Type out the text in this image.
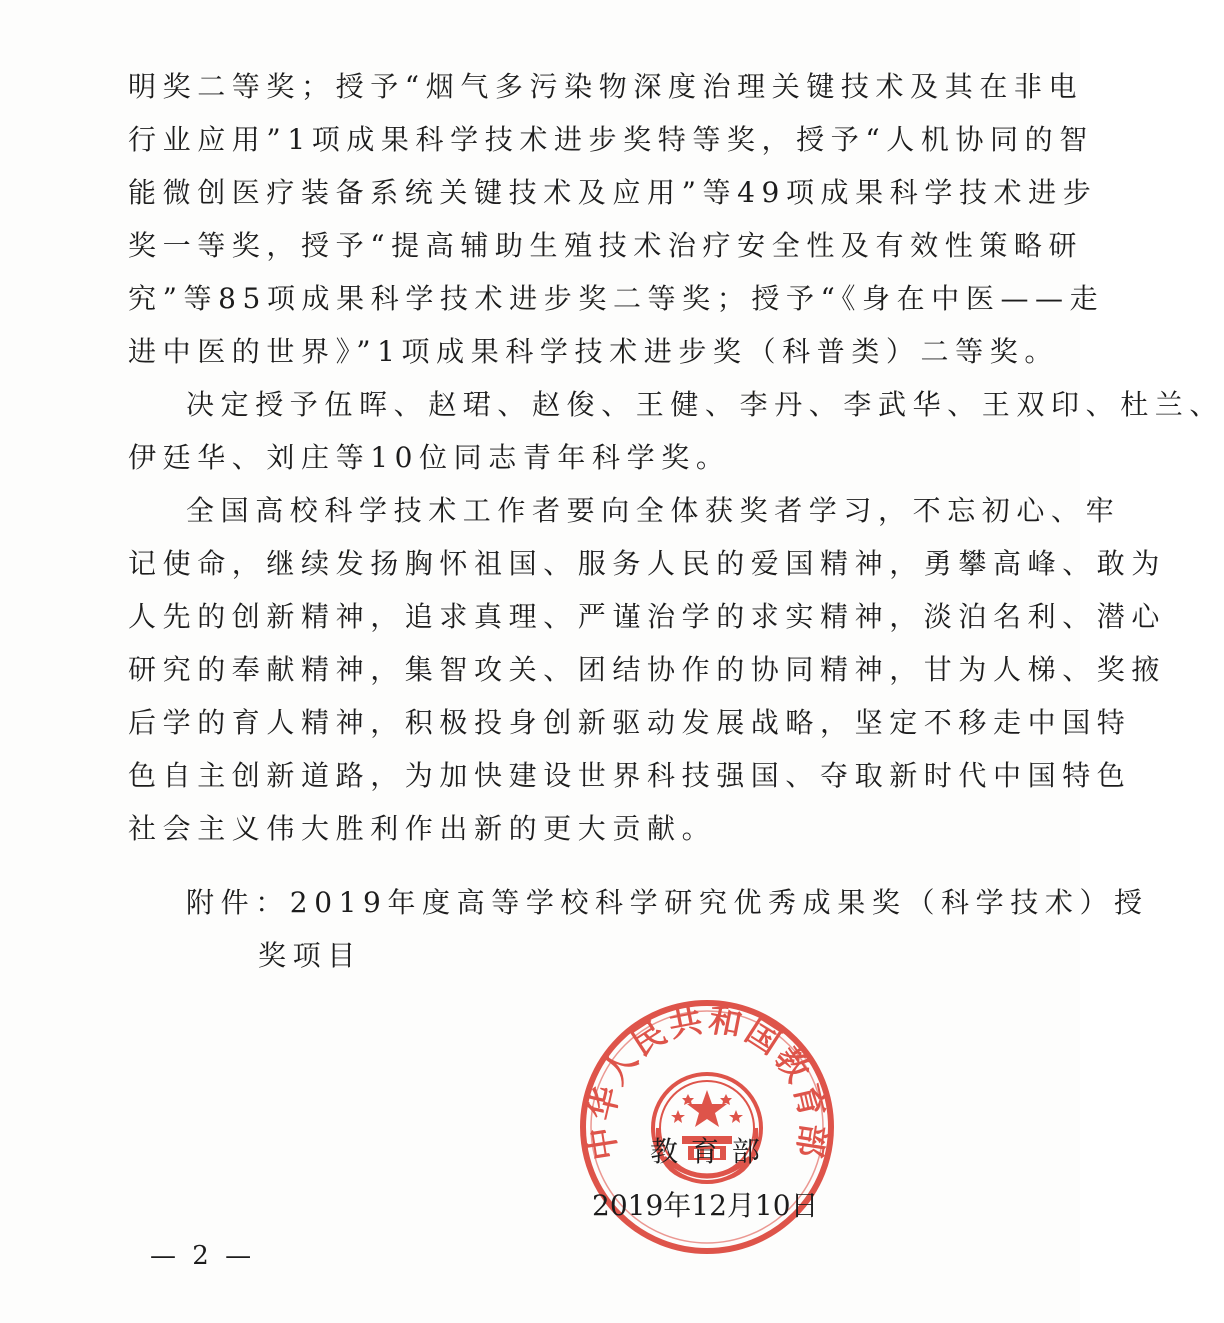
明奖二等奖；授予“烟气多污染物深度治理关键技术及其在非电
行业应用”1项成果科学技术进步奖特等奖，授予“人机协同的智
能微创医疗装备系统关键技术及应用”等49项成果科学技术进步
奖一等奖，授予“提高辅助生殖技术治疗安全性及有效性策略研
究”等85项成果科学技术进步奖二等奖；授予“《身在中医——走
进中医的世界》”1项成果科学技术进步奖（科普类）二等奖。
决定授予伍晖、赵珺、赵俊、王健、李丹、李武华、王双印、杜兰、
伊廷华、刘庄等10位同志青年科学奖。
全国高校科学技术工作者要向全体获奖者学习，不忘初心、牢
记使命，继续发扬胸怀祖国、服务人民的爱国精神，勇攀高峰、敢为
人先的创新精神，追求真理、严谨治学的求实精神，淡泊名利、潜心
研究的奉献精神，集智攻关、团结协作的协同精神，甘为人梯、奖掖
后学的育人精神，积极投身创新驱动发展战略，坚定不移走中国特
色自主创新道路，为加快建设世界科技强国、夺取新时代中国特色
社会主义伟大胜利作出新的更大贡献。
附件：2019年度高等学校科学研究优秀成果奖（科学技术）授
奖项目
中华人民共和国教育部
教 育 部
2019年12月10日
— 2 —
